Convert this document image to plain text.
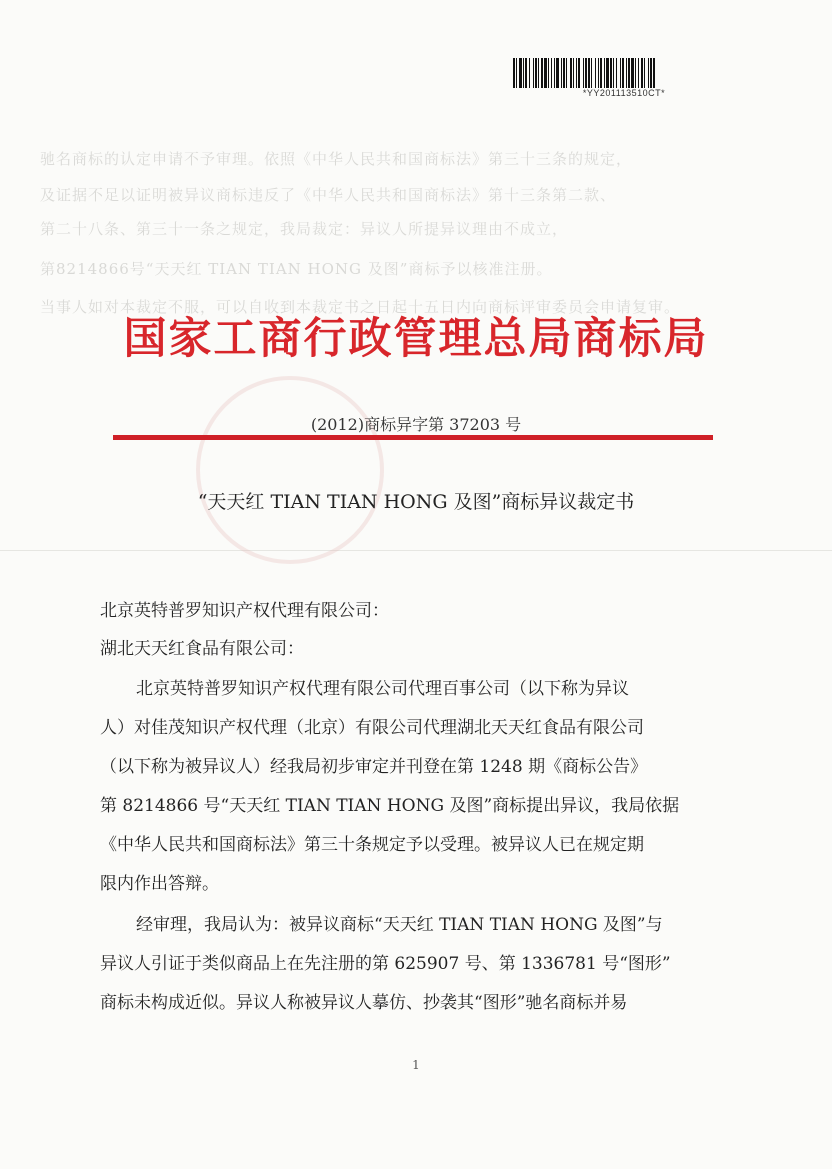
驰名商标的认定申请不予审理。依照《中华人民共和国商标法》第三十三条的规定，
及证据不足以证明被异议商标违反了《中华人民共和国商标法》第十三条第二款、
第二十八条、第三十一条之规定，我局裁定：异议人所提异议理由不成立，
第8214866号“天天红 TIAN TIAN HONG 及图”商标予以核准注册。
当事人如对本裁定不服，可以自收到本裁定书之日起十五日内向商标评审委员会申请复审。
*YY201113510CT*
国家工商行政管理总局商标局
(2012)商标异字第 37203 号
“天天红 TIAN TIAN HONG 及图”商标异议裁定书
北京英特普罗知识产权代理有限公司：
湖北天天红食品有限公司：
北京英特普罗知识产权代理有限公司代理百事公司（以下称为异议
人）对佳茂知识产权代理（北京）有限公司代理湖北天天红食品有限公司
（以下称为被异议人）经我局初步审定并刊登在第 1248 期《商标公告》
第 8214866 号“天天红 TIAN TIAN HONG 及图”商标提出异议，我局依据
《中华人民共和国商标法》第三十条规定予以受理。被异议人已在规定期
限内作出答辩。
经审理，我局认为：被异议商标“天天红 TIAN TIAN HONG 及图”与
异议人引证于类似商品上在先注册的第 625907 号、第 1336781 号“图形”
商标未构成近似。异议人称被异议人摹仿、抄袭其“图形”驰名商标并易
1
